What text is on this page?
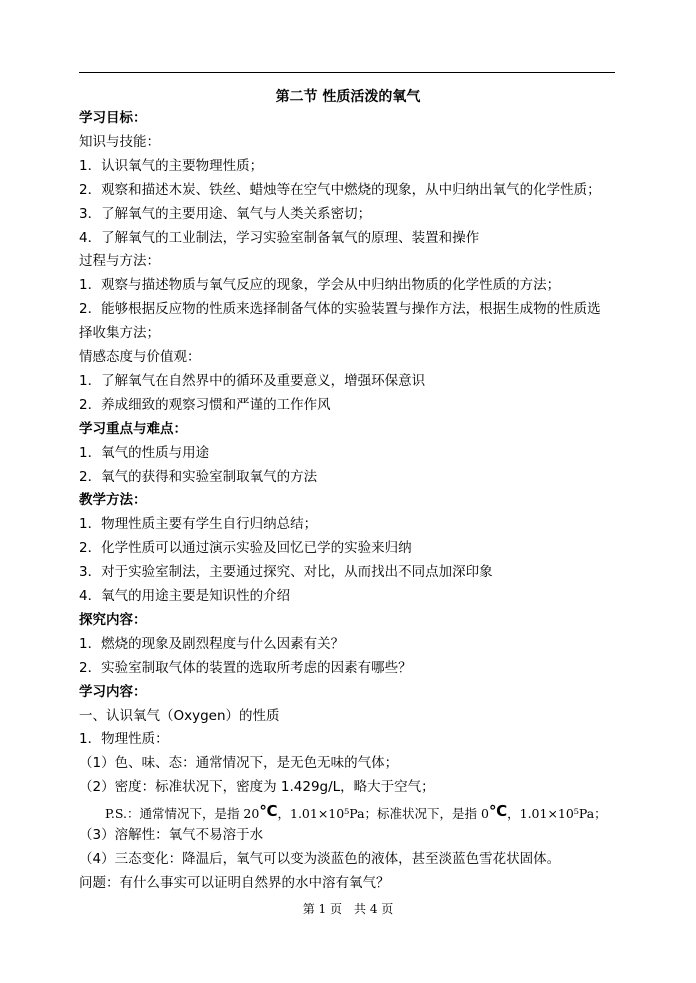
第二节 性质活泼的氧气
学习目标：
知识与技能：
1．认识氧气的主要物理性质；
2．观察和描述木炭、铁丝、蜡烛等在空气中燃烧的现象，从中归纳出氧气的化学性质；
3．了解氧气的主要用途、氧气与人类关系密切；
4．了解氧气的工业制法，学习实验室制备氧气的原理、装置和操作
过程与方法：
1．观察与描述物质与氧气反应的现象，学会从中归纳出物质的化学性质的方法；
2．能够根据反应物的性质来选择制备气体的实验装置与操作方法，根据生成物的性质选
择收集方法；
情感态度与价值观：
1．了解氧气在自然界中的循环及重要意义，增强环保意识
2．养成细致的观察习惯和严谨的工作作风
学习重点与难点：
1．氧气的性质与用途
2．氧气的获得和实验室制取氧气的方法
教学方法：
1．物理性质主要有学生自行归纳总结；
2．化学性质可以通过演示实验及回忆已学的实验来归纳
3．对于实验室制法，主要通过探究、对比，从而找出不同点加深印象
4．氧气的用途主要是知识性的介绍
探究内容：
1．燃烧的现象及剧烈程度与什么因素有关？
2．实验室制取气体的装置的选取所考虑的因素有哪些？
学习内容：
一、认识氧气（Oxygen）的性质
1．物理性质：
（1）色、味、态：通常情况下，是无色无味的气体；
（2）密度：标准状况下，密度为 1.429g/L，略大于空气；
P.S.：通常情况下，是指 20℃，1.01×10⁵Pa；标准状况下，是指 0℃，1.01×10⁵Pa；
（3）溶解性：氧气不易溶于水
（4）三态变化：降温后，氧气可以变为淡蓝色的液体，甚至淡蓝色雪花状固体。
问题：有什么事实可以证明自然界的水中溶有氧气？
第 1 页　共 4 页
